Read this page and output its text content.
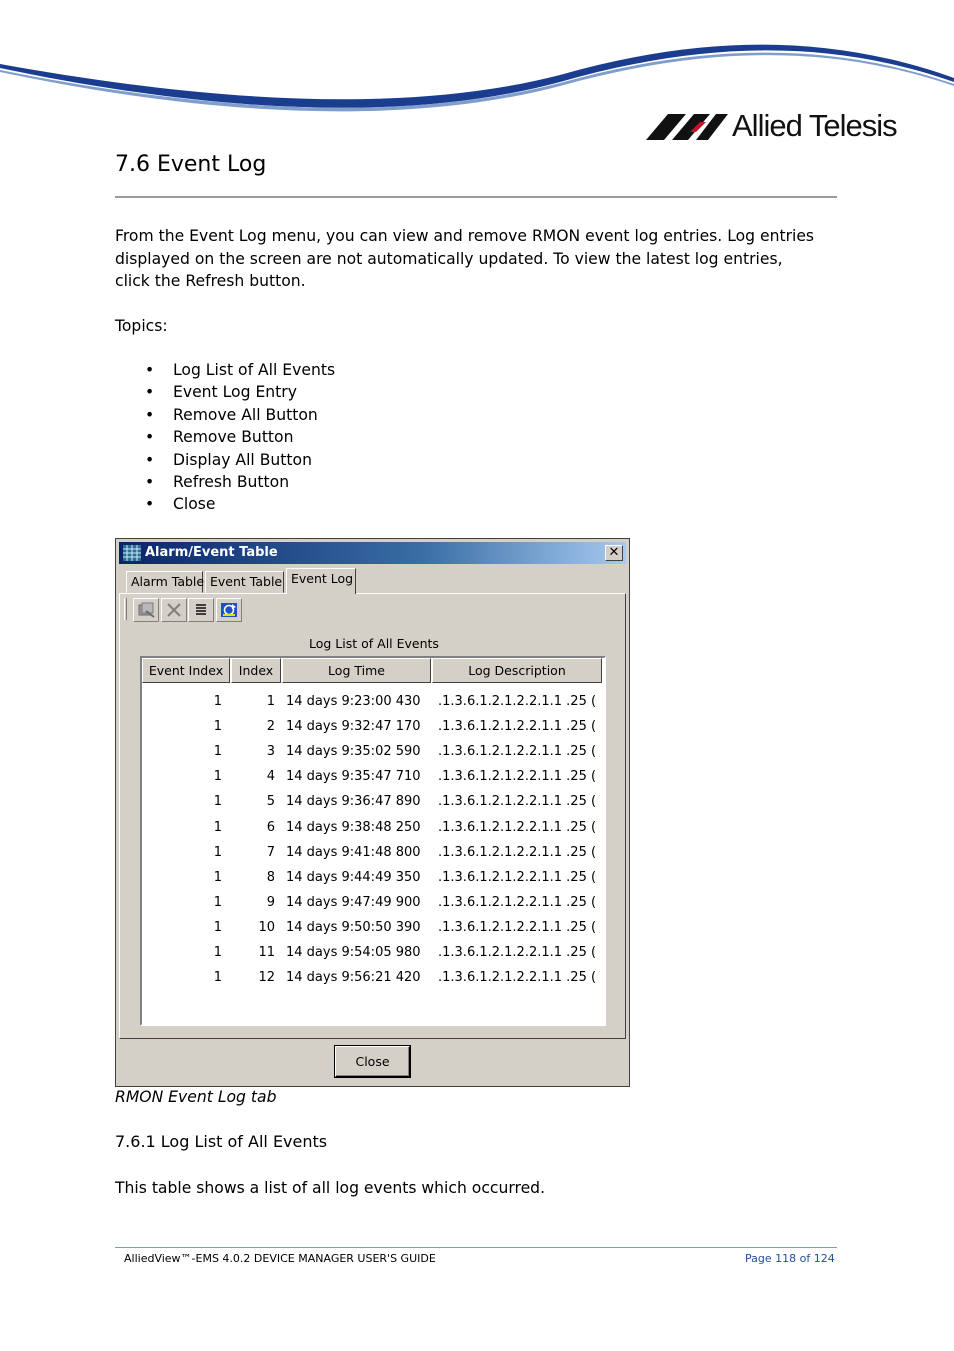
Allied Telesis
7.6 Event Log
From the Event Log menu, you can view and remove RMON event log entries. Log entries
displayed on the screen are not automatically updated. To view the latest log entries,
click the Refresh button.
Topics:
• Log List of All Events
• Event Log Entry
• Remove All Button
• Remove Button
• Display All Button
• Refresh Button
• Close
Alarm/Event Table	✕
Alarm Table Event Table Event Log
Log List of All Events
Event Index	Index	Log Time	Log Description
1	1 14 days 9:23:00 430	.1.3.6.1.2.1.2.2.1.1 .25 (
1	2 14 days 9:32:47 170	.1.3.6.1.2.1.2.2.1.1 .25 (
1	3 14 days 9:35:02 590	.1.3.6.1.2.1.2.2.1.1 .25 (
1	4 14 days 9:35:47 710	.1.3.6.1.2.1.2.2.1.1 .25 (
1	5 14 days 9:36:47 890	.1.3.6.1.2.1.2.2.1.1 .25 (
1	6 14 days 9:38:48 250	.1.3.6.1.2.1.2.2.1.1 .25 (
1	7 14 days 9:41:48 800	.1.3.6.1.2.1.2.2.1.1 .25 (
1	8 14 days 9:44:49 350	.1.3.6.1.2.1.2.2.1.1 .25 (
1	9 14 days 9:47:49 900	.1.3.6.1.2.1.2.2.1.1 .25 (
1	10 14 days 9:50:50 390	.1.3.6.1.2.1.2.2.1.1 .25 (
1	11 14 days 9:54:05 980	.1.3.6.1.2.1.2.2.1.1 .25 (
1	12 14 days 9:56:21 420	.1.3.6.1.2.1.2.2.1.1 .25 (
Close
RMON Event Log tab
7.6.1 Log List of All Events
This table shows a list of all log events which occurred.
AlliedView™-EMS 4.0.2 DEVICE MANAGER USER'S GUIDE	Page 118 of 124
